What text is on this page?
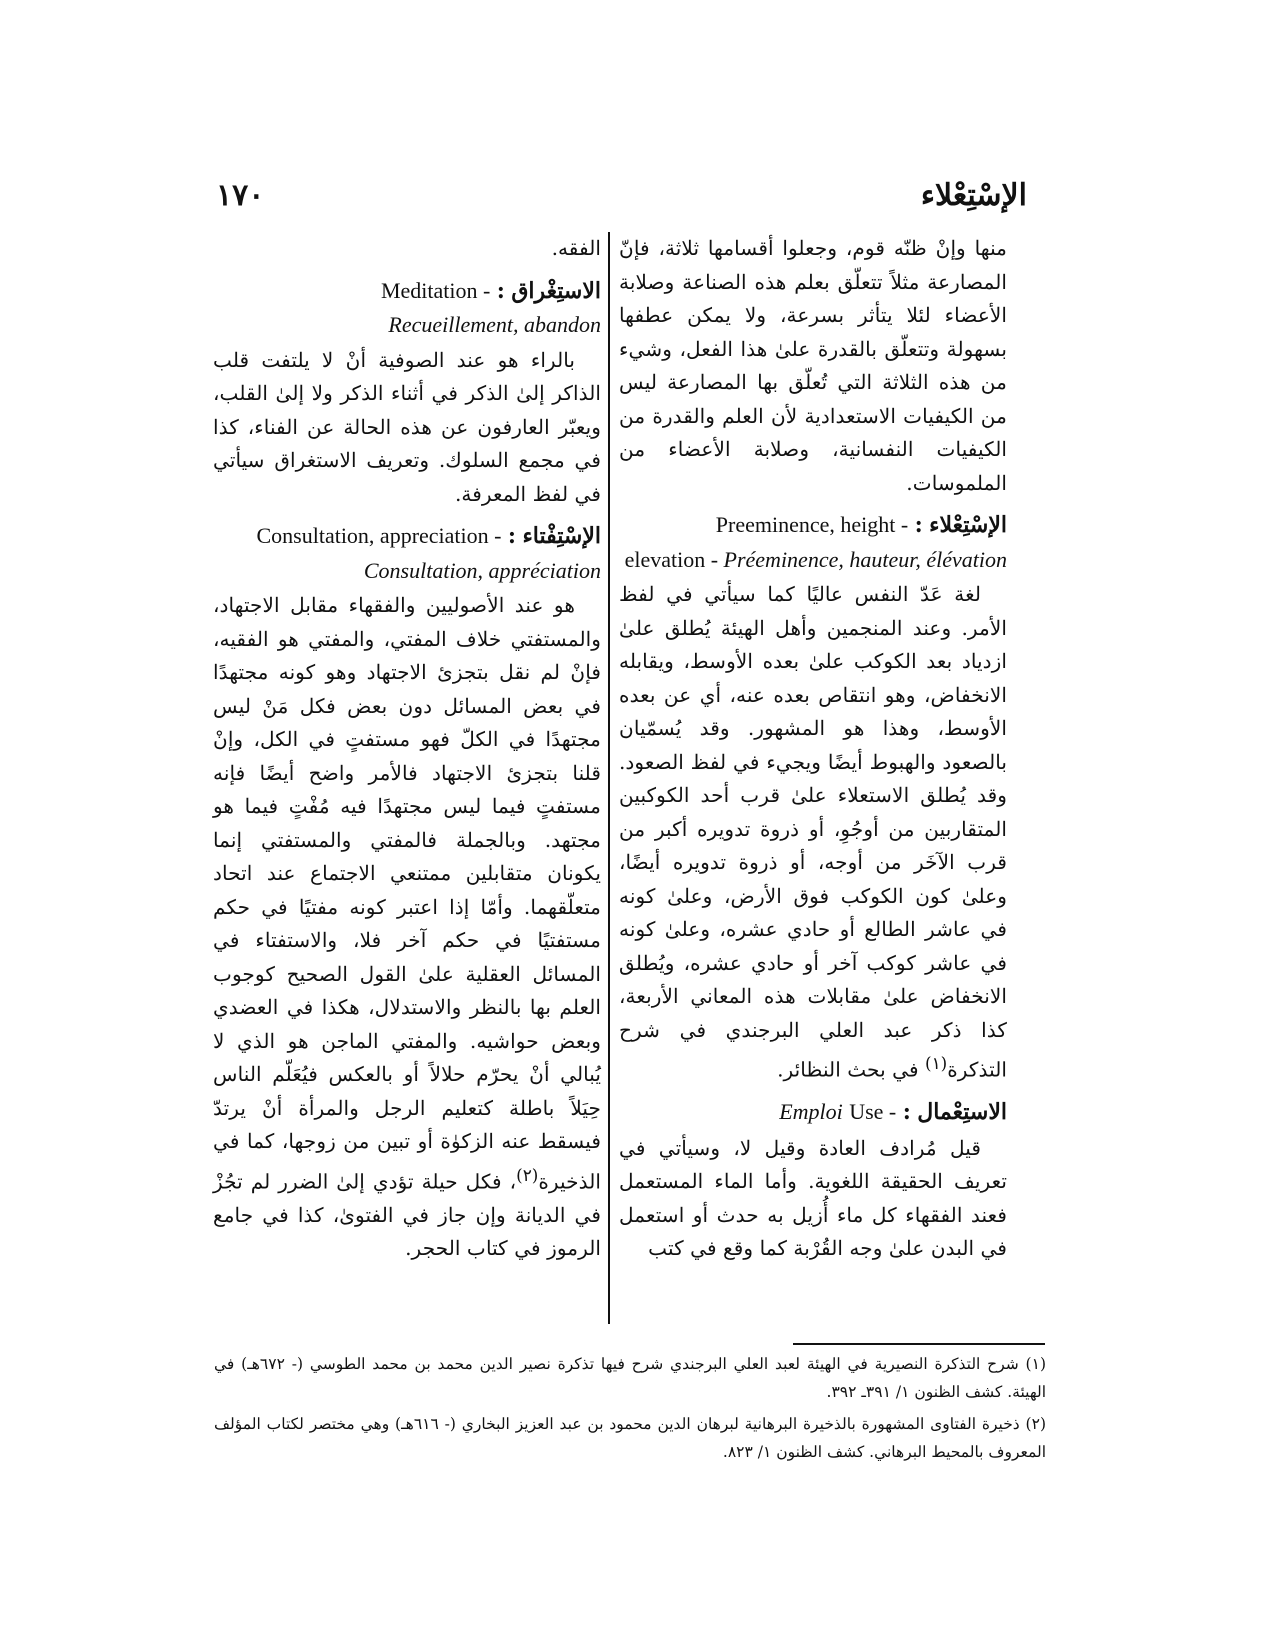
الإسْتِعْلاء
١٧٠

منها وإنْ ظنّه قوم، وجعلوا أقسامها ثلاثة، فإنّ المصارعة مثلاً تتعلّق بعلم هذه الصناعة وصلابة الأعضاء لئلا يتأثر بسرعة، ولا يمكن عطفها بسهولة وتتعلّق بالقدرة علىٰ هذا الفعل، وشيء من هذه الثلاثة التي تُعلّق بها المصارعة ليس من الكيفيات الاستعدادية لأن العلم والقدرة من الكيفيات النفسانية، وصلابة الأعضاء من الملموسات.

الإسْتِعْلاء : Preeminence, height -
elevation - Préeminence, hauteur, élévation

لغة عَدّ النفس عاليًا كما سيأتي في لفظ الأمر. وعند المنجمين وأهل الهيئة يُطلق علىٰ ازدياد بعد الكوكب علىٰ بعده الأوسط، ويقابله الانخفاض، وهو انتقاص بعده عنه، أي عن بعده الأوسط، وهذا هو المشهور. وقد يُسمّيان بالصعود والهبوط أيضًا ويجيء في لفظ الصعود. وقد يُطلق الاستعلاء علىٰ قرب أحد الكوكبين المتقاربين من أوجُوِ، أو ذروة تدويره أكبر من قرب الآخَر من أوجه، أو ذروة تدويره أيضًا، وعلىٰ كون الكوكب فوق الأرض، وعلىٰ كونه في عاشر الطالع أو حادي عشره، وعلىٰ كونه في عاشر كوكب آخر أو حادي عشره، ويُطلق الانخفاض علىٰ مقابلات هذه المعاني الأربعة، كذا ذكر عبد العلي البرجندي في شرح التذكرة$^{(١)}$ في بحث النظائر.

الاستِعْمال : Use - Emploi

قيل مُرادف العادة وقيل لا، وسيأتي في تعريف الحقيقة اللغوية. وأما الماء المستعمل فعند الفقهاء كل ماء أُزيل به حدث أو استعمل في البدن علىٰ وجه القُرْبة كما وقع في كتب

الفقه.

الاستِغْراق : Meditation -
Recueillement, abandon

بالراء هو عند الصوفية أنْ لا يلتفت قلب الذاكر إلىٰ الذكر في أثناء الذكر ولا إلىٰ القلب، ويعبّر العارفون عن هذه الحالة عن الفناء، كذا في مجمع السلوك. وتعريف الاستغراق سيأتي في لفظ المعرفة.

الإسْتِفْتاء : Consultation, appreciation -
Consultation, appréciation

هو عند الأصوليين والفقهاء مقابل الاجتهاد، والمستفتي خلاف المفتي، والمفتي هو الفقيه، فإنْ لم نقل بتجزئ الاجتهاد وهو كونه مجتهدًا في بعض المسائل دون بعض فكل مَنْ ليس مجتهدًا في الكلّ فهو مستفتٍ في الكل، وإنْ قلنا بتجزئ الاجتهاد فالأمر واضح أيضًا فإنه مستفتٍ فيما ليس مجتهدًا فيه مُفْتٍ فيما هو مجتهد. وبالجملة فالمفتي والمستفتي إنما يكونان متقابلين ممتنعي الاجتماع عند اتحاد متعلّقهما. وأمّا إذا اعتبر كونه مفتيًا في حكم مستفتيًا في حكم آخر فلا، والاستفتاء في المسائل العقلية علىٰ القول الصحيح كوجوب العلم بها بالنظر والاستدلال، هكذا في العضدي وبعض حواشيه. والمفتي الماجن هو الذي لا يُبالي أنْ يحرّم حلالاً أو بالعكس فيُعَلّم الناس حِيَلاً باطلة كتعليم الرجل والمرأة أنْ يرتدّ فيسقط عنه الزكوٰة أو تبين من زوجها، كما في الذخيرة$^{(٢)}$، فكل حيلة تؤدي إلىٰ الضرر لم تجُزْ في الديانة وإن جاز في الفتوىٰ، كذا في جامع الرموز في كتاب الحجر.

(١) شرح التذكرة النصيرية في الهيئة لعبد العلي البرجندي شرح فيها تذكرة نصير الدين محمد بن محمد الطوسي (- ٦٧٢هـ) في الهيئة. كشف الظنون ١/ ٣٩١ـ ٣٩٢.

(٢) ذخيرة الفتاوى المشهورة بالذخيرة البرهانية لبرهان الدين محمود بن عبد العزيز البخاري (- ٦١٦هـ) وهي مختصر لكتاب المؤلف المعروف بالمحيط البرهاني. كشف الظنون ١/ ٨٢٣.
